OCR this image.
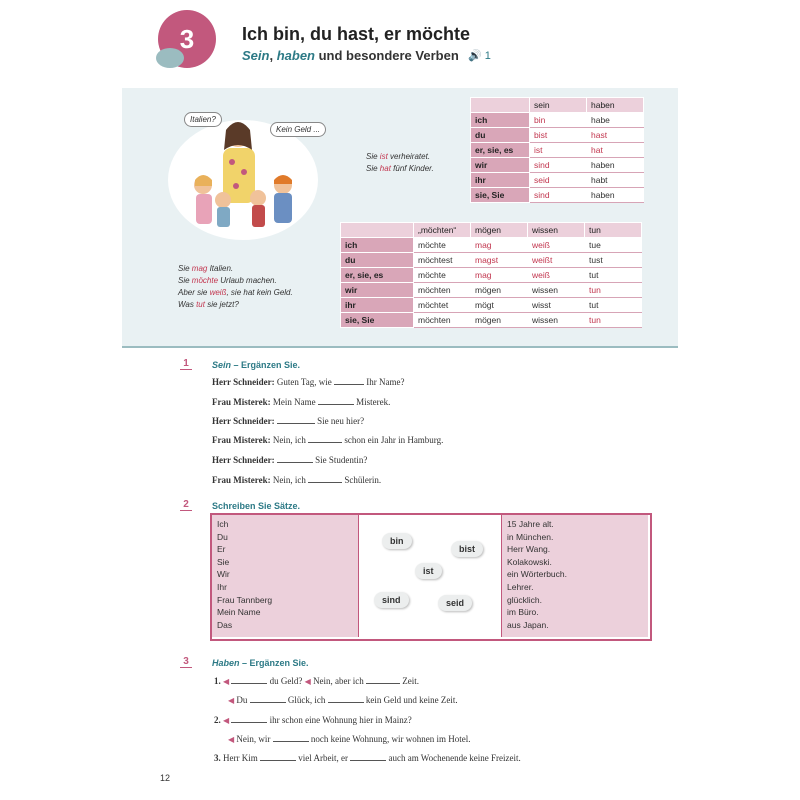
3	Ich bin, du hast, er möchte
Sein, haben und besondere Verben 🔊 1
Italien?
Kein Geld ...
Sie ist verheiratet.
Sie hat fünf Kinder.
Sie mag Italien.
Sie möchte Urlaub machen.
Aber sie weiß, sie hat kein Geld.
Was tut sie jetzt?
	sein	haben
ich	bin	habe
du	bist	hast
er, sie, es	ist	hat
wir	sind	haben
ihr	seid	habt
sie, Sie	sind	haben
	„möchten“	mögen	wissen	tun
ich	möchte	mag	weiß	tue
du	möchtest	magst	weißt	tust
er, sie, es	möchte	mag	weiß	tut
wir	möchten	mögen	wissen	tun
ihr	möchtet	mögt	wisst	tut
sie, Sie	möchten	mögen	wissen	tun
1	Sein – Ergänzen Sie.
Herr Schneider: Guten Tag, wie	Ihr Name?
Frau Misterek: Mein Name	Misterek.
Herr Schneider:	Sie neu hier?
Frau Misterek: Nein, ich	schon ein Jahr in Hamburg.
Herr Schneider:	Sie Studentin?
Frau Misterek: Nein, ich	Schülerin.
2	Schreiben Sie Sätze.
Ich
Du
Er
Sie
Wir
Ihr
Frau Tannberg
Mein Name
Das
bin
bist
ist
sind	seid
15 Jahre alt.
in München.
Herr Wang.
Kolakowski.
ein Wörterbuch.
Lehrer.
glücklich.
im Büro.
aus Japan.
3	Haben – Ergänzen Sie.
1. ◀	du Geld? ◀ Nein, aber ich	Zeit.
◀ Du	Glück, ich	kein Geld und keine Zeit.
2. ◀	ihr schon eine Wohnung hier in Mainz?
◀ Nein, wir	noch keine Wohnung, wir wohnen im Hotel.
3. Herr Kim	viel Arbeit, er	auch am Wochenende keine Freizeit.
12
